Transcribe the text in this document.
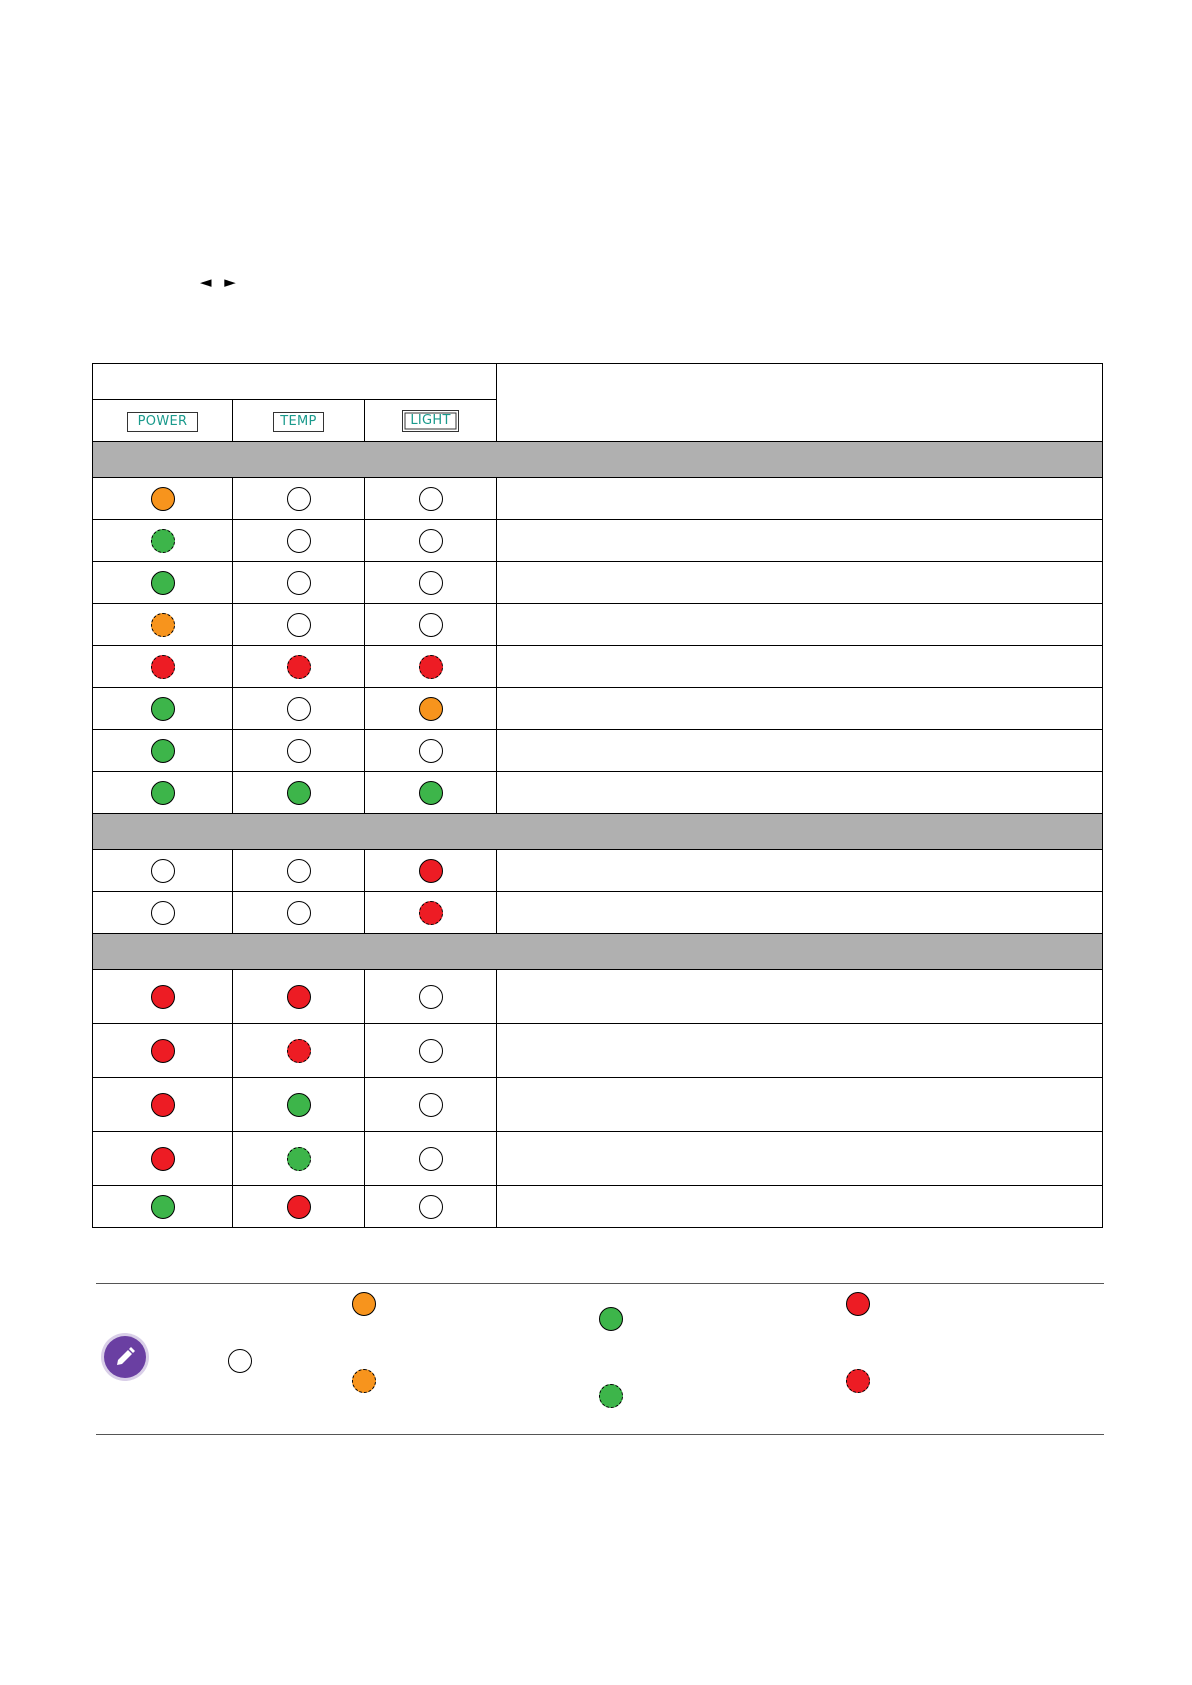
◄ ►

POWER	TEMP	LIGHT	
